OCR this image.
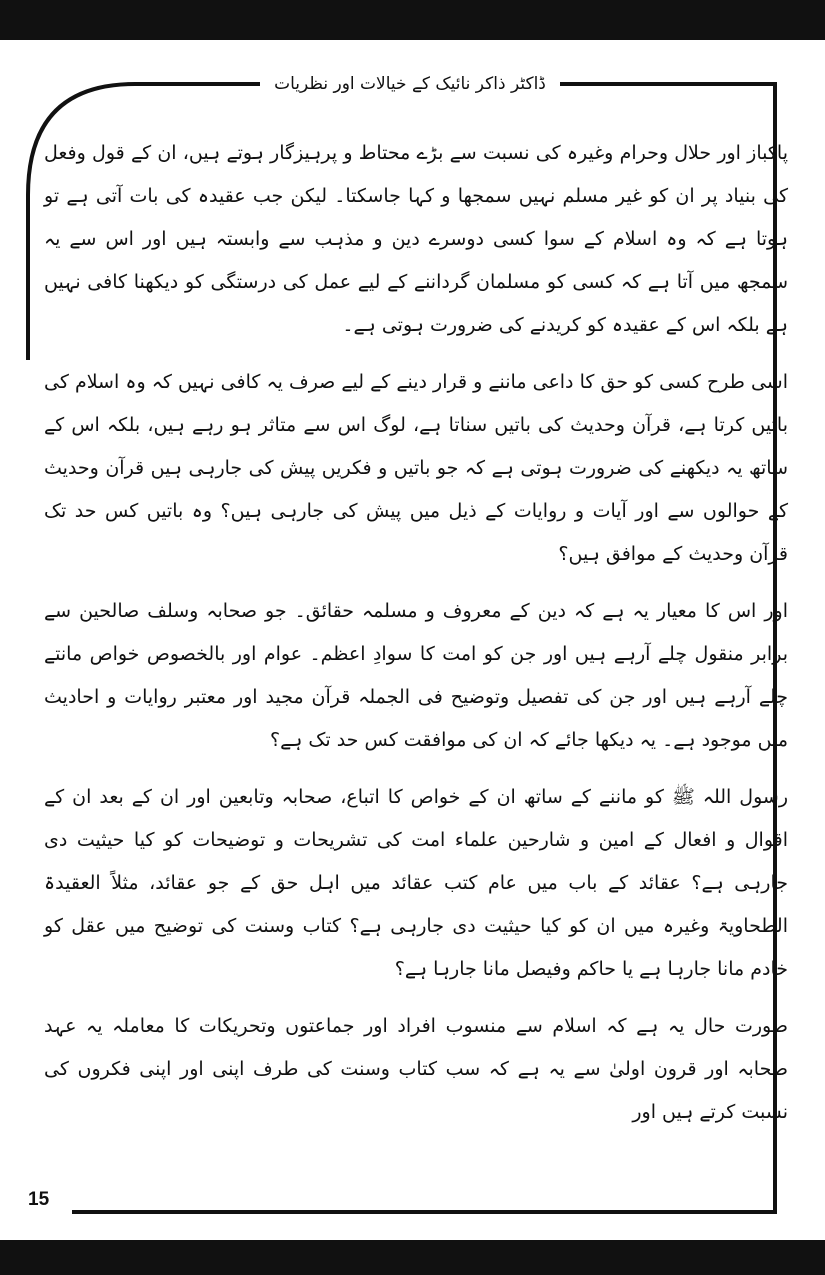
ڈاکٹر ذاکر نائیک کے خیالات اور نظریات

پاکباز اور حلال وحرام وغیرہ کی نسبت سے بڑے محتاط و پرہیزگار ہوتے ہیں، ان کے قول وفعل کی بنیاد پر ان کو غیر مسلم نہیں سمجھا و کہا جاسکتا۔ لیکن جب عقیدہ کی بات آتی ہے تو ہوتا ہے کہ وہ اسلام کے سوا کسی دوسرے دین و مذہب سے وابستہ ہیں اور اس سے یہ سمجھ میں آتا ہے کہ کسی کو مسلمان گرداننے کے لیے عمل کی درستگی کو دیکھنا کافی نہیں ہے بلکہ اس کے عقیدہ کو کریدنے کی ضرورت ہوتی ہے۔

اسی طرح کسی کو حق کا داعی ماننے و قرار دینے کے لیے صرف یہ کافی نہیں کہ وہ اسلام کی باتیں کرتا ہے، قرآن وحدیث کی باتیں سناتا ہے، لوگ اس سے متاثر ہو رہے ہیں، بلکہ اس کے ساتھ یہ دیکھنے کی ضرورت ہوتی ہے کہ جو باتیں و فکریں پیش کی جارہی ہیں قرآن وحدیث کے حوالوں سے اور آیات و روایات کے ذیل میں پیش کی جارہی ہیں؟ وہ باتیں کس حد تک قرآن وحدیث کے موافق ہیں؟

اور اس کا معیار یہ ہے کہ دین کے معروف و مسلمہ حقائق۔ جو صحابہ وسلف صالحین سے برابر منقول چلے آرہے ہیں اور جن کو امت کا سوادِ اعظم۔ عوام اور بالخصوص خواص مانتے چلے آرہے ہیں اور جن کی تفصیل وتوضیح فی الجملہ قرآن مجید اور معتبر روایات و احادیث میں موجود ہے۔ یہ دیکھا جائے کہ ان کی موافقت کس حد تک ہے؟

رسول اللہ ﷺ کو ماننے کے ساتھ ان کے خواص کا اتباع، صحابہ وتابعین اور ان کے بعد ان کے اقوال و افعال کے امین و شارحین علماء امت کی تشریحات و توضیحات کو کیا حیثیت دی جارہی ہے؟ عقائد کے باب میں عام کتب عقائد میں اہل حق کے جو عقائد، مثلاً العقیدۃ الطحاویۃ وغیرہ میں ان کو کیا حیثیت دی جارہی ہے؟ کتاب وسنت کی توضیح میں عقل کو خادم مانا جارہا ہے یا حاکم وفیصل مانا جارہا ہے؟

صورت حال یہ ہے کہ اسلام سے منسوب افراد اور جماعتوں وتحریکات کا معاملہ یہ عہد صحابہ اور قرون اولیٰ سے یہ ہے کہ سب کتاب وسنت کی طرف اپنی اور اپنی فکروں کی نسبت کرتے ہیں اور

15
